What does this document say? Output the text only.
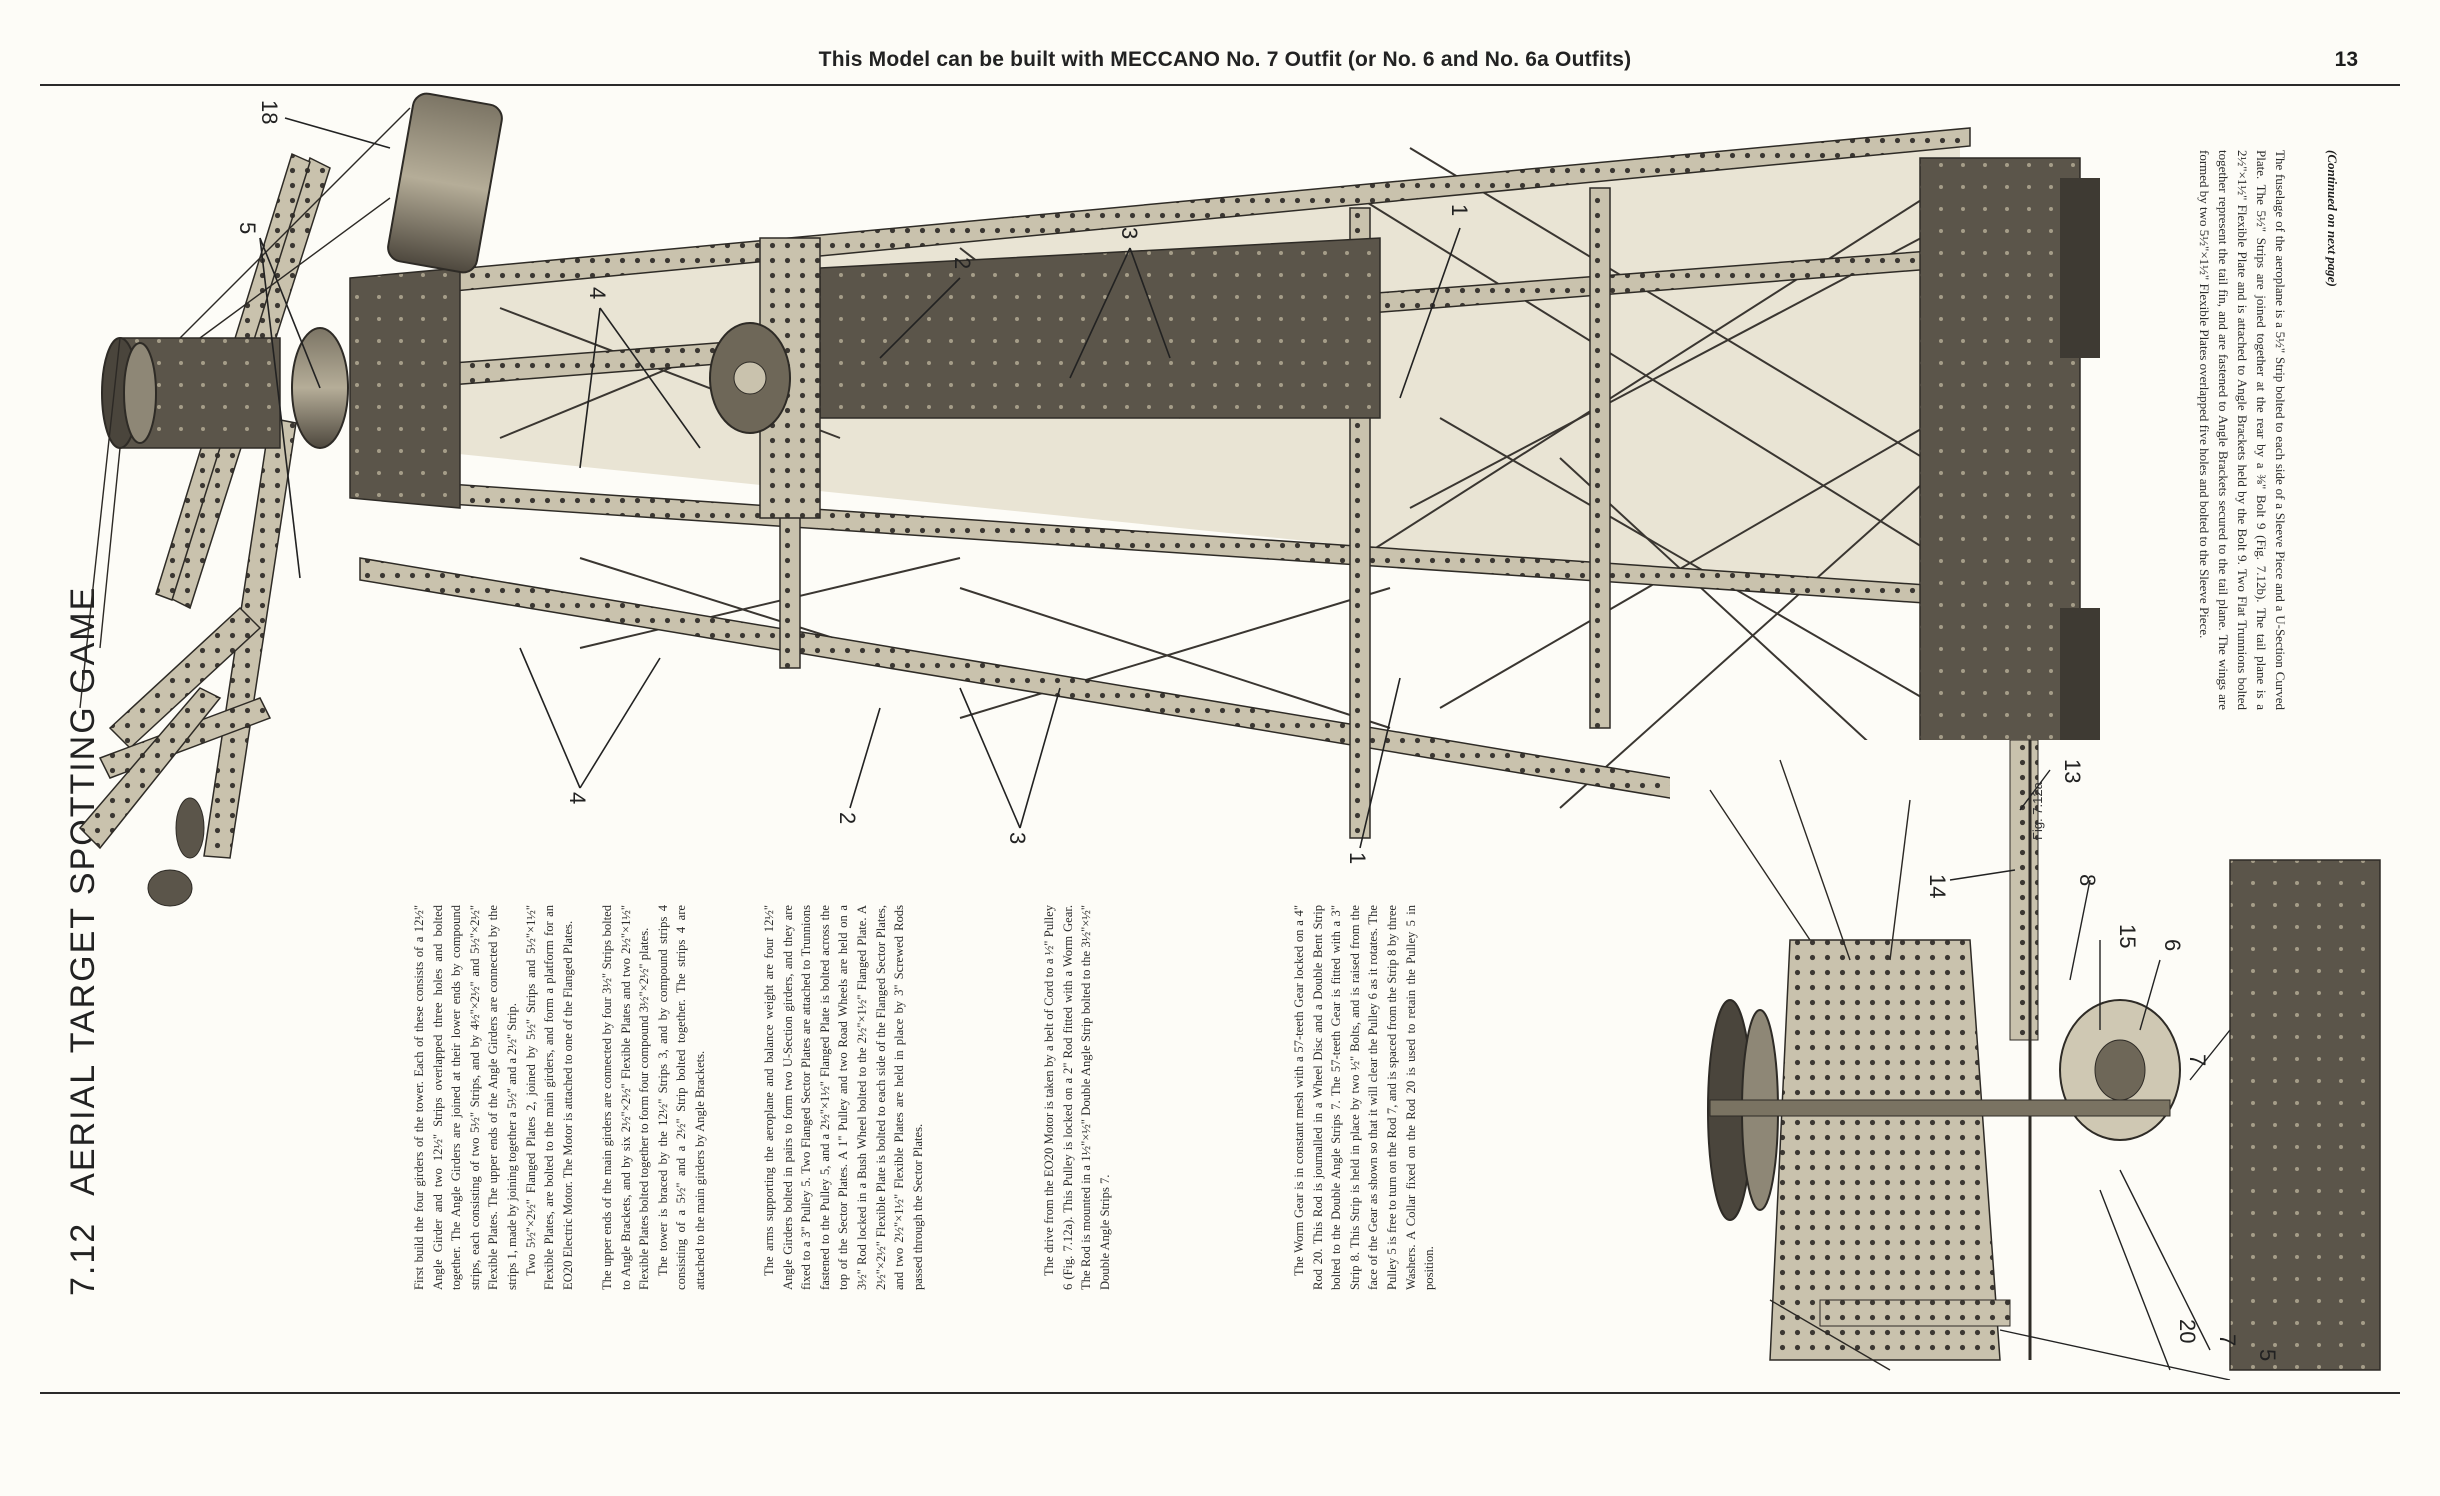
This Model can be built with MECCANO No. 7 Outfit (or No. 6 and No. 6a Outfits)	13
7.12AERIAL TARGET SPOTTING GAME
18
5
4
4
2
2
3
3
1
1
13
14	8
15 6
7
20 7
5
Fig. 7.12a

First build the four girders of the tower. Each of these consists of a 12½" Angle Girder and two 12½" Strips overlapped three holes and bolted together. The Angle Girders are joined at their lower ends by compound strips, each consisting of two 5½" Strips, and by 4½"×2½" and 5½"×2½" Flexible Plates. The upper ends of the Angle Girders are connected by the strips 1, made by joining together a 5½" and a 2½" Strip. Two 5½"×2½" Flanged Plates 2, joined by 5½" Strips and 5½"×1½" Flexible Plates, are bolted to the main girders, and form a platform for an EO20 Electric Motor. The Motor is attached to one of the Flanged Plates. The upper ends of the main girders are connected by four 3½" Strips bolted to Angle Brackets, and by six 2½"×2½" Flexible Plates and two 2½"×1½" Flexible Plates bolted together to form four compound 3½"×2½" plates. The tower is braced by the 12½" Strips 3, and by compound strips 4 consisting of a 5½" and a 2½" Strip bolted together. The strips 4 are attached to the main girders by Angle Brackets.	The arms supporting the aeroplane and balance weight are four 12½" Angle Girders bolted in pairs to form two U-Section girders, and they are fixed to a 3" Pulley 5. Two Flanged Sector Plates are attached to Trunnions fastened to the Pulley 5, and a 2½"×1½" Flanged Plate is bolted across the top of the Sector Plates. A 1" Pulley and two Road Wheels are held on a 3½" Rod locked in a Bush Wheel bolted to the 2½"×1½" Flanged Plate. A 2½"×2½" Flexible Plate is bolted to each side of the Flanged Sector Plates, and two 2½"×1½" Flexible Plates are held in place by 3" Screwed Rods passed through the Sector Plates.	The drive from the EO20 Motor is taken by a belt of Cord to a ½" Pulley 6 (Fig. 7.12a). This Pulley is locked on a 2" Rod fitted with a Worm Gear. The Rod is mounted in a 1½"×½" Double Angle Strip bolted to the 3½"×½" Double Angle Strips 7.	The Worm Gear is in constant mesh with a 57-teeth Gear locked on a 4" Rod 20. This Rod is journalled in a Wheel Disc and a Double Bent Strip bolted to the Double Angle Strips 7. The 57-teeth Gear is fitted with a 3" Strip 8. This Strip is held in place by two ½" Bolts, and is raised from the face of the Gear as shown so that it will clear the Pulley 6 as it rotates. The Pulley 5 is free to turn on the Rod 7, and is spaced from the Strip 8 by three Washers. A Collar fixed on the Rod 20 is used to retain the Pulley 5 in position.

The fuselage of the aeroplane is a 5½" Strip bolted to each side of a Sleeve Piece and a U-Section Curved Plate. The 5½" Strips are joined together at the rear by a ⅜" Bolt 9 (Fig. 7.12b). The tail plane is a 2½"×1½" Flexible Plate and is attached to Angle Brackets held by the Bolt 9. Two Flat Trunnions bolted together represent the tail fin, and are fastened to Angle Brackets secured to the tail plane. The wings are formed by two 5½"×1½" Flexible Plates overlapped five holes and bolted to the Sleeve Piece.	(Continued on next page)
